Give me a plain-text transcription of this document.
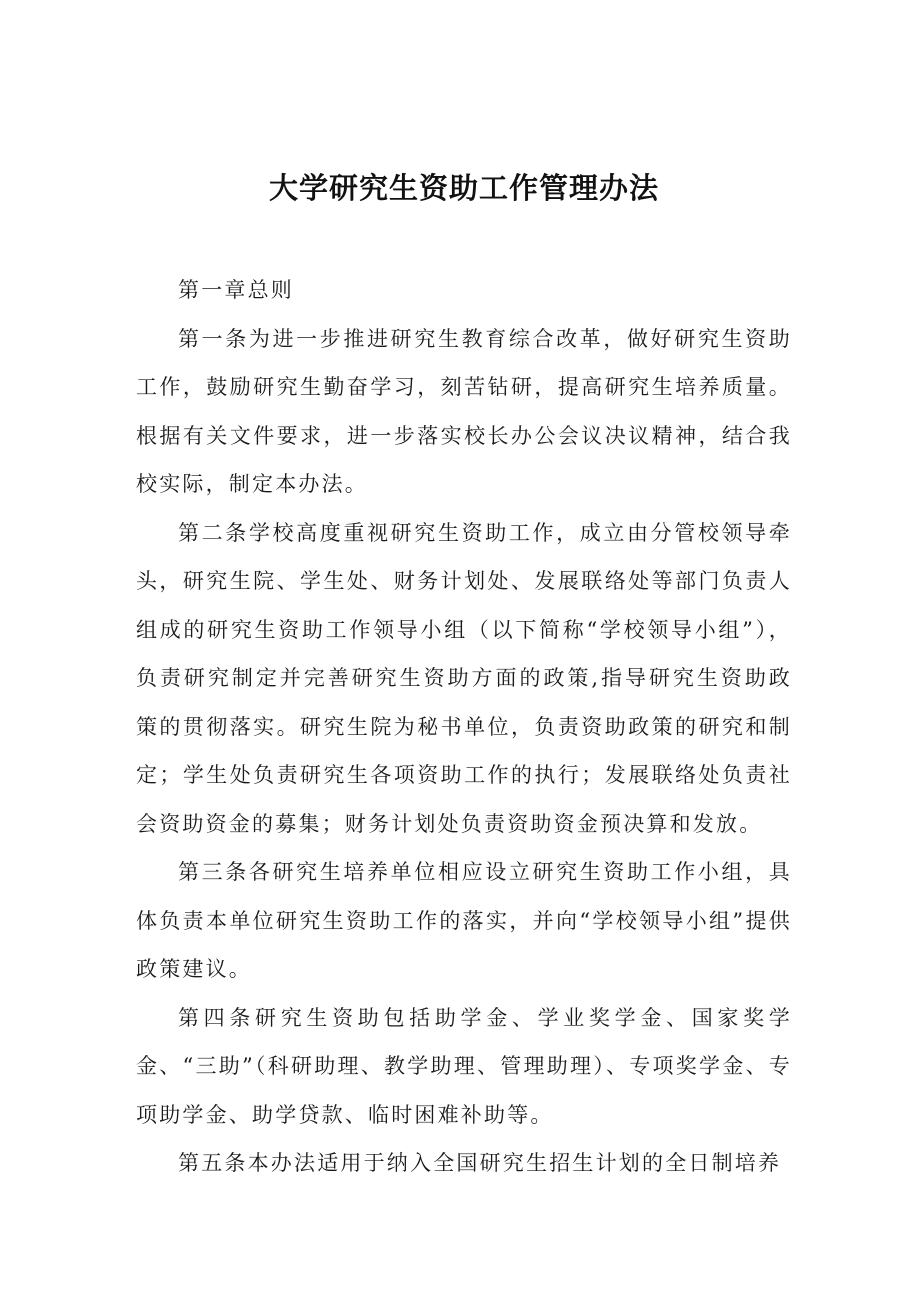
大学研究生资助工作管理办法

第一章总则

第一条为进一步推进研究生教育综合改革，做好研究生资助工作，鼓励研究生勤奋学习，刻苦钻研，提高研究生培养质量。根据有关文件要求，进一步落实校长办公会议决议精神，结合我校实际，制定本办法。

第二条学校高度重视研究生资助工作，成立由分管校领导牵头，研究生院、学生处、财务计划处、发展联络处等部门负责人组成的研究生资助工作领导小组（以下简称“学校领导小组”），负责研究制定并完善研究生资助方面的政策,指导研究生资助政策的贯彻落实。研究生院为秘书单位，负责资助政策的研究和制定；学生处负责研究生各项资助工作的执行；发展联络处负责社会资助资金的募集；财务计划处负责资助资金预决算和发放。

第三条各研究生培养单位相应设立研究生资助工作小组，具体负责本单位研究生资助工作的落实，并向“学校领导小组”提供政策建议。

第四条研究生资助包括助学金、学业奖学金、国家奖学金、“三助”（科研助理、教学助理、管理助理）、专项奖学金、专项助学金、助学贷款、临时困难补助等。

第五条本办法适用于纳入全国研究生招生计划的全日制培养
